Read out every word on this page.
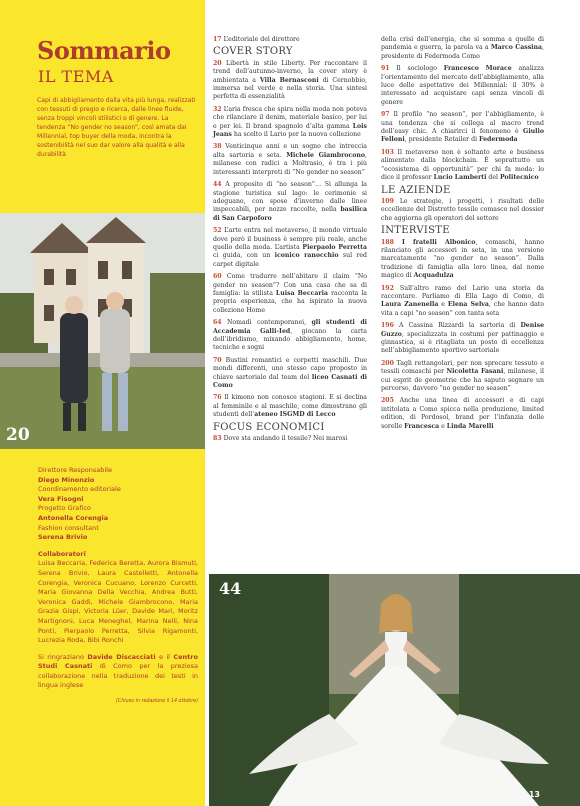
Sommario
IL TEMA
Capi di abbigliamento dalla vita più lunga, realizzati con tessuti di pregio e ricerca, dalle linee fluide, senza troppi vincoli stilistici o di genere. La tendenza “No gender no season”, così amata dai Millennial, top buyer della moda, incontra la sostenibilità nel suo dar valore alla qualità e alla durabilità
20
Direttore Responsabile
Diego Minonzio
Coordinamento editoriale
Vera Fisogni
Progetto Grafico
Antonella Corengia
Fashion consultant
Serena Brivio
Collaboratori
Luisa Beccaria, Federica Beretta, Aurora Bismuti, Serena Brivio, Laura Castelletti, Antonella Corengia, Veronica Cucuano, Lorenzo Curcetti, Maria Giovanna Della Vecchia, Andrea Butti, Veronica Gaddi, Michele Giambrocono, Maria Grazia Gispi, Victoria Lüer, Davide Mari, Moritz Martignoni, Luca Meneghel, Marina Nelli, Nina Ponti, Pierpaolo Perretta, Silvia Rigamonti, Lucrezia Roda, Bibi Ronchi
Si ringraziano Davide Discacciati e il Centro Studi Casnati di Como per la preziosa collaborazione nella traduzione dei testi in lingua inglese
(Chiuso in redazione il 14 ottobre)
17 L’editoriale del direttore
COVER STORY
20 Libertà in stile Liberty. Per raccontare il trend dell’autunno-inverno, la cover story è ambientata a Villa Bernasconi di Cernobbio, immersa nel verde e nella storia. Una sintesi perfetta di essenzialità
32 L’aria fresca che spira nella moda non poteva che rilanciare il denim, materiale basico, per lui e per lei. Il brand spagnolo d’alta gamma Lois Jeans ha scelto il Lario per la nuova collezione
38 Venticinque anni e un sogno che intreccia alta sartoria e seta. Michele Giambrocono, milanese con radici a Moltrasio, è tra i più interessanti interpreti di “No gender no season”
44 A proposito di “no season”… Si allunga la stagione turistica sul lago: le cerimonie si adeguano, con spose d’inverno dalle linee impeccabili, per nozze raccolte, nella basilica di San Carpoforo
52 L’arte entra nel metaverso, il mondo virtuale dove però il business è sempre più reale, anche quello della moda. L’artista Pierpaolo Perretta ci guida, con un iconico ranocchio sul red carpet digitale
60 Come tradurre nell’abitare il claim “No gender no season”? Con una casa che sa di famiglia: la stilista Luisa Beccaria racconta la propria esperienza, che ha ispirato la nuova collezione Home
64 Nomadi contemporanei, gli studenti di Accademia Galli-Ied, giocano la carta dell’ibridismo, mixando abbigliamento, home, tecniche e sogni
70 Bustini romantici e corpetti maschili. Due mondi differenti, uno stesso capo proposto in chiave sartoriale dal team del liceo Casnati di Como
76 Il kimono non conosce stagioni. E si declina al femminile e al maschile, come dimostrano gli studenti dell’ateneo ISGMD di Lecco
FOCUS ECONOMICI
83 Dove sta andando il tessile? Nei marosi
della crisi dell’energia, che si somma a quelle di pandemia e guerra, la parola va a Marco Cassina, presidente di Federmoda Como
91 Il sociologo Francesco Morace analizza l’orientamento del mercato dell’abbigliamento, alla luce delle aspettative dei Millennial: il 30% è interessato ad acquistare capi senza vincoli di genere
97 Il profilo “no season”, per l’abbigliamento, è una tendenza che si collega al macro trend dell’easy chic. A chiarirci il fenomeno è Giulio Felloni, presidente Retailer di Federmoda
103 Il metaverso non è soltanto arte e business alimentato dalla blockchain. È soprattutto un “ecosistema di opportunità” per chi fa moda: lo dice il professor Lucio Lamberti del Politecnico
LE AZIENDE
109 Le strategie, i progetti, i risultati delle eccellenze del Distretto tessile comasco nel dossier che aggiorna gli operatori del settore
INTERVISTE
188 I fratelli Albonico, comaschi, hanno rilanciato gli accessori in seta, in una versione marcatamente “no gender no season”. Dalla tradizione di famiglia alla loro linea, dal nome magico di Acquadulza
192 Sull’altro ramo del Lario una storia da raccontare. Parliamo di Ella Lago di Como, di Laura Zanenella e Elena Selva, che hanno dato vita a capi “no season” con tanta seta
196 A Cassina Rizzardi la sartoria di Denise Guzzo, specializzata in costumi per pattinaggio e ginnastica, si è ritagliata un posto di eccellenza nell’abbigliamento sportivo sartoriale
200 Tagli rettangolari, per non sprecare tessuto e tessili comaschi per Nicoletta Fasani, milanese, il cui esprit de geometrie che ha saputo segnare un percorso, davvero “no gender no season”
205 Anche una linea di accessori e di capi intitolata a Como spicca nella produzione, limited edition, di Pordosol, brand per l’infanzia delle sorelle Francesca e Linda Marelli
44
13
